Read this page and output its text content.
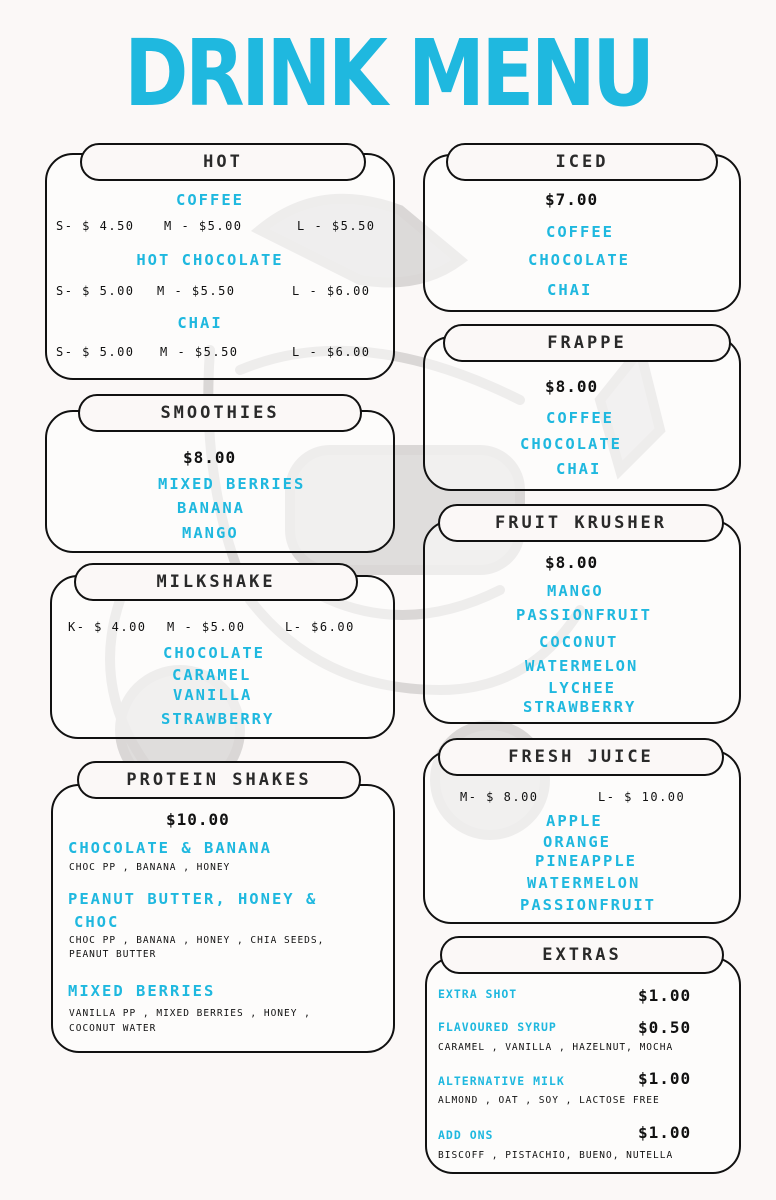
DRINK MENU
HOT
COFFEE
S- $ 4.50 M - $5.00	L - $5.50
HOT CHOCOLATE
S- $ 5.00 M - $5.50	L - $6.00
CHAI
S- $ 5.00 M - $5.50	L - $6.00
ICED
$7.00
COFFEE
CHOCOLATE
CHAI
SMOOTHIES
$8.00
MIXED BERRIES
BANANA
MANGO
FRAPPE
$8.00
COFFEE
CHOCOLATE
CHAI
MILKSHAKE
K- $ 4.00 M - $5.00	L- $6.00
CHOCOLATE
CARAMEL
VANILLA
STRAWBERRY
FRUIT KRUSHER
$8.00
MANGO
PASSIONFRUIT
COCONUT
WATERMELON
LYCHEE
STRAWBERRY
PROTEIN SHAKES
$10.00
CHOCOLATE & BANANA
CHOC PP , BANANA , HONEY
PEANUT BUTTER, HONEY &
CHOC
CHOC PP , BANANA , HONEY , CHIA SEEDS,
PEANUT BUTTER
MIXED BERRIES
VANILLA PP , MIXED BERRIES , HONEY ,
COCONUT WATER
FRESH JUICE
M- $ 8.00	L- $ 10.00
APPLE
ORANGE
PINEAPPLE
WATERMELON
PASSIONFRUIT
EXTRAS
EXTRA SHOT	$1.00
FLAVOURED SYRUP	$0.50
CARAMEL , VANILLA , HAZELNUT, MOCHA
ALTERNATIVE MILK	$1.00
ALMOND , OAT , SOY , LACTOSE FREE
ADD ONS	$1.00
BISCOFF , PISTACHIO, BUENO, NUTELLA
